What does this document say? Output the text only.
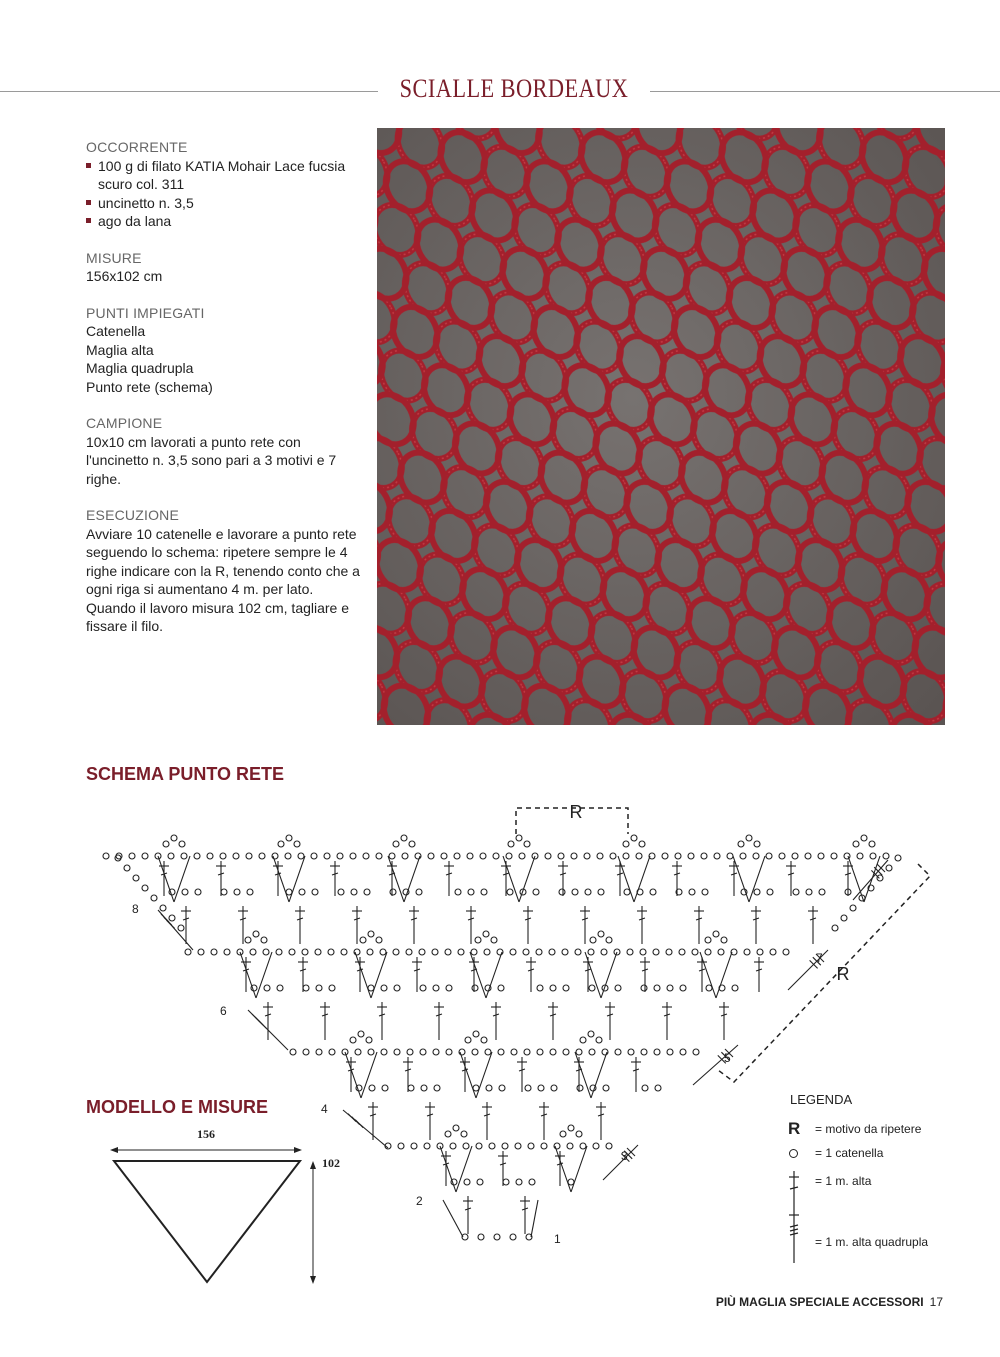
SCIALLE BORDEAUX
OCCORRENTE
100 g di filato KATIA Mohair Lace fucsia scuro col. 311
uncinetto n. 3,5
ago da lana
MISURE
156x102 cm
PUNTI IMPIEGATI
Catenella
Maglia alta
Maglia quadrupla
Punto rete (schema)
CAMPIONE
10x10 cm lavorati a punto rete con l'uncinetto n. 3,5 sono pari a 3 motivi e 7 righe.
ESECUZIONE
Avviare 10 catenelle e lavorare a punto rete seguendo lo schema: ripetere sempre le 4 righe indicare con la R, tenendo conto che a ogni riga si aumentano 4 m. per lato. Quando il lavoro misura 102 cm, tagliare e fissare il filo.
SCHEMA PUNTO RETE
MODELLO E MISURE
R
R
1
2
3
4
5
6
7
8
156
102
LEGENDA
R = motivo da ripetere
= 1 catenella
= 1 m. alta
= 1 m. alta quadrupla
PIÙ MAGLIA SPECIALE ACCESSORI 17
